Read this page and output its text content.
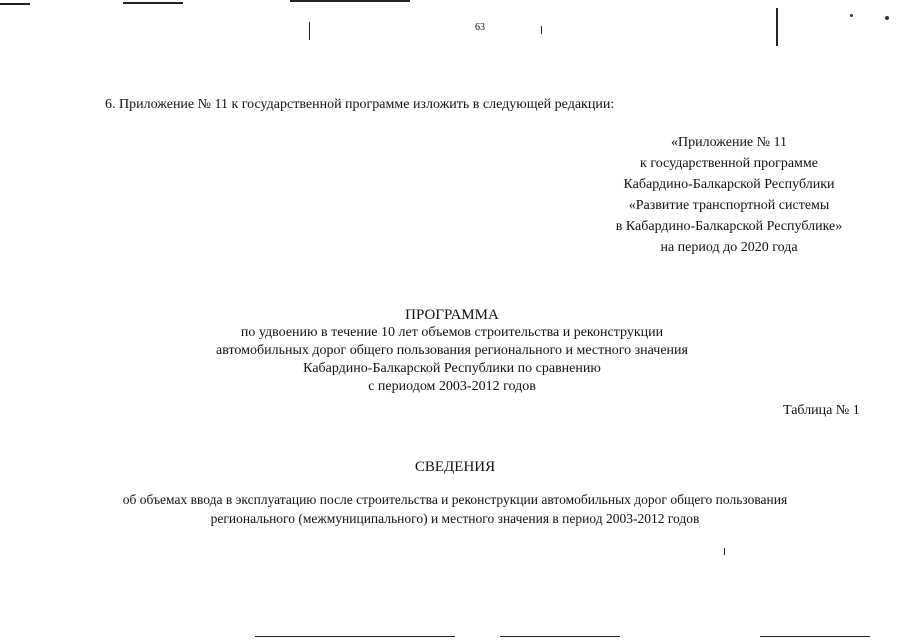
63
6. Приложение № 11 к государственной программе изложить в следующей редакции:
«Приложение № 11
к государственной программе
Кабардино-Балкарской Республики
«Развитие транспортной системы
в Кабардино-Балкарской Республике»
на период до 2020 года
ПРОГРАММА
по удвоению в течение 10 лет объемов строительства и реконструкции
автомобильных дорог общего пользования регионального и местного значения
Кабардино-Балкарской Республики по сравнению
с периодом 2003-2012 годов
Таблица № 1
СВЕДЕНИЯ
об объемах ввода в эксплуатацию после строительства и реконструкции автомобильных дорог общего пользования
регионального (межмуниципального) и местного значения в период 2003-2012 годов
